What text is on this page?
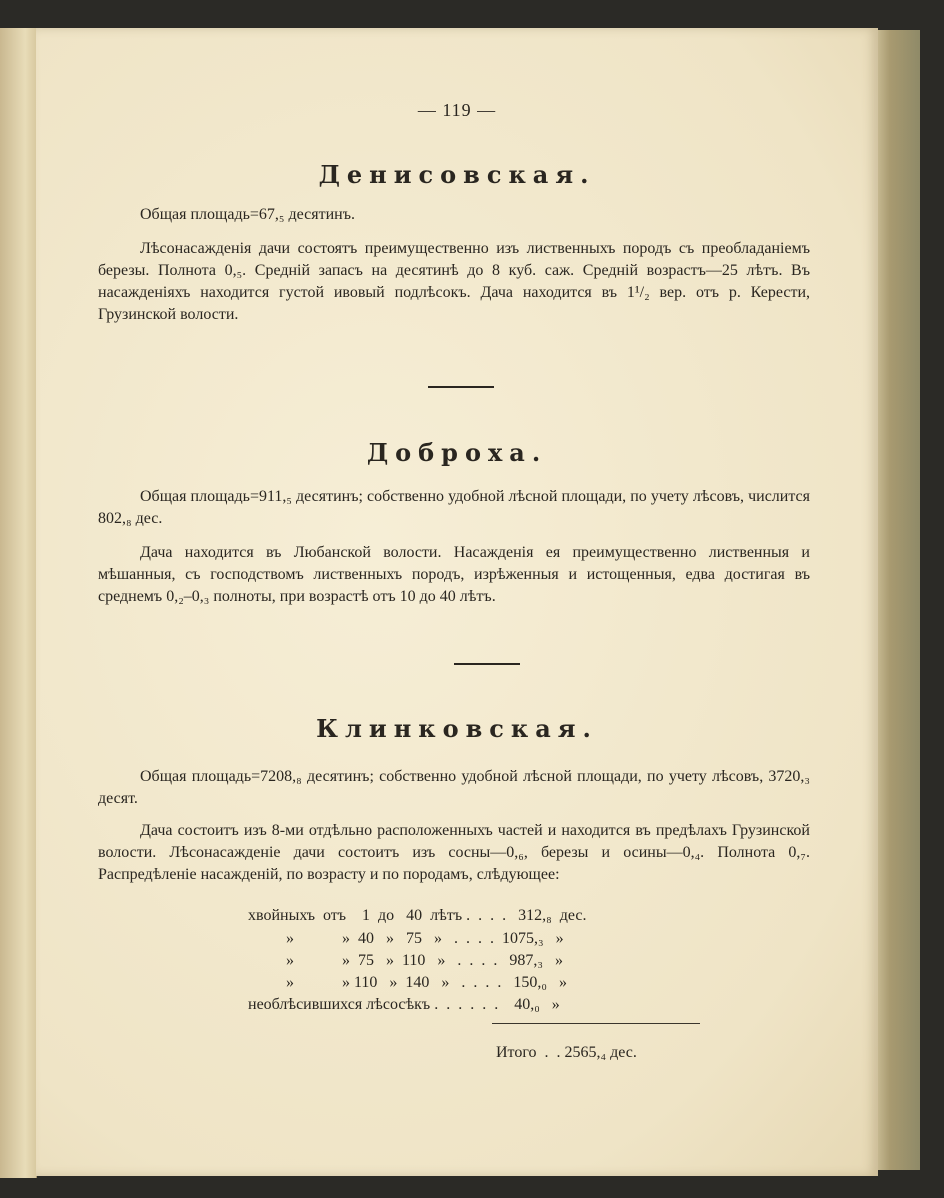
— 119 —
Денисовская.

Общая площадь=67,₅ десятинъ.

Лѣсонасажденія дачи состоятъ преимущественно изъ лиственныхъ породъ съ преобладаніемъ березы. Полнота 0,₅. Средній запасъ на десятинѣ до 8 куб. саж. Средній возрастъ—25 лѣтъ. Въ насажденіяхъ находится густой ивовый подлѣсокъ. Дача находится въ 1¹/₂ вер. отъ р. Керести, Грузинской волости.

Доброха.

Общая площадь=911,₅ десятинъ; собственно удобной лѣсной площади, по учету лѣсовъ, числится 802,₈ дес.

Дача находится въ Любанской волости. Насажденія ея преимущественно лиственныя и мѣшанныя, съ господствомъ лиственныхъ породъ, изрѣженныя и истощенныя, едва достигая въ среднемъ 0,₂–0,₃ полноты, при возрастѣ отъ 10 до 40 лѣтъ.

Клинковская.

Общая площадь=7208,₈ десятинъ; собственно удобной лѣсной площади, по учету лѣсовъ, 3720,₃ десят.

Дача состоитъ изъ 8-ми отдѣльно расположенныхъ частей и находится въ предѣлахъ Грузинской волости. Лѣсонасажденіе дачи состоитъ изъ сосны—0,₆, березы и осины—0,₄. Полнота 0,₇. Распредѣленіе насажденій, по возрасту и по породамъ, слѣдующее:

хвойныхъ  отъ    1  до   40  лѣтъ .  .  .  .   312,₈  дес.
»            »  40   »   75   »   .  .  .  .  1075,₃   »
»            »  75   »  110   »   .  .  .  .   987,₃   »
»            » 110   »  140   »   .  .  .  .   150,₀   »
необлѣсившихся лѣсосѣкъ .  .  .  .  .  .    40,₀   »
Итого  .  . 2565,₄ дес.
